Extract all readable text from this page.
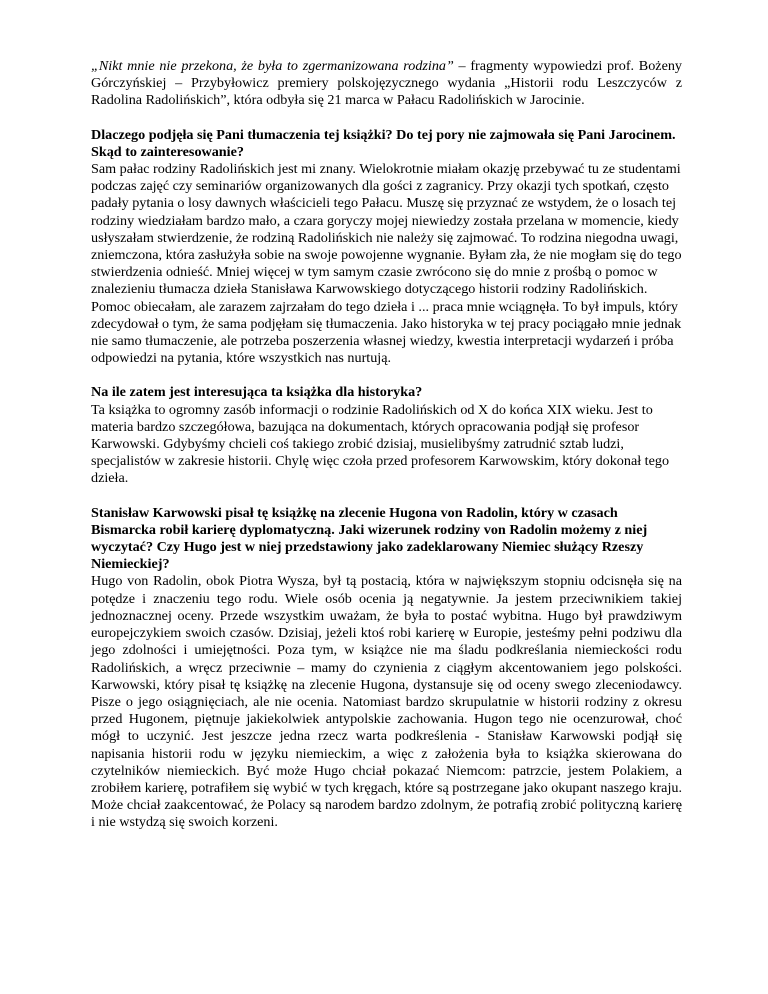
„Nikt mnie nie przekona, że była to zgermanizowana rodzina” – fragmenty wypowiedzi prof. Bożeny Górczyńskiej – Przybyłowicz premiery polskojęzycznego wydania „Historii rodu Leszczyców z Radolina Radolińskich”, która odbyła się 21 marca w Pałacu Radolińskich w Jarocinie.

Dlaczego podjęła się Pani tłumaczenia tej książki? Do tej pory nie zajmowała się Pani Jarocinem. Skąd to zainteresowanie?
Sam pałac rodziny Radolińskich jest mi znany. Wielokrotnie miałam okazję przebywać tu ze studentami podczas zajęć czy seminariów organizowanych dla gości z zagranicy. Przy okazji tych spotkań, często padały pytania o losy dawnych właścicieli tego Pałacu. Muszę się przyznać ze wstydem, że o losach tej rodziny wiedziałam bardzo mało, a czara goryczy mojej niewiedzy została przelana w momencie, kiedy usłyszałam stwierdzenie, że rodziną Radolińskich nie należy się zajmować. To rodzina niegodna uwagi, zniemczona, która zasłużyła sobie na swoje powojenne wygnanie. Byłam zła, że nie mogłam się do tego stwierdzenia odnieść. Mniej więcej w tym samym czasie zwrócono się do mnie z prośbą o pomoc w znalezieniu tłumacza dzieła Stanisława Karwowskiego dotyczącego historii rodziny Radolińskich. Pomoc obiecałam, ale zarazem zajrzałam do tego dzieła i ... praca mnie wciągnęła. To był impuls, który zdecydował o tym, że sama podjęłam się tłumaczenia. Jako historyka w tej pracy pociągało mnie jednak nie samo tłumaczenie, ale potrzeba poszerzenia własnej wiedzy, kwestia interpretacji wydarzeń i próba odpowiedzi na pytania, które wszystkich nas nurtują.

Na ile zatem jest interesująca ta książka dla historyka?
Ta książka to ogromny zasób informacji o rodzinie Radolińskich od X do końca XIX wieku. Jest to materia bardzo szczegółowa, bazująca na dokumentach, których opracowania podjął się profesor Karwowski. Gdybyśmy chcieli coś takiego zrobić dzisiaj, musielibyśmy zatrudnić sztab ludzi, specjalistów w zakresie historii. Chylę więc czoła przed profesorem Karwowskim, który dokonał tego dzieła.

Stanisław Karwowski pisał tę książkę na zlecenie Hugona von Radolin, który w czasach Bismarcka robił karierę dyplomatyczną. Jaki wizerunek rodziny von Radolin możemy z niej wyczytać? Czy Hugo jest w niej przedstawiony jako zadeklarowany Niemiec służący Rzeszy Niemieckiej?
Hugo von Radolin, obok Piotra Wysza, był tą postacią, która w największym stopniu odcisnęła się na potędze i znaczeniu tego rodu. Wiele osób ocenia ją negatywnie. Ja jestem przeciwnikiem takiej jednoznacznej oceny. Przede wszystkim uważam, że była to postać wybitna. Hugo był prawdziwym europejczykiem swoich czasów. Dzisiaj, jeżeli ktoś robi karierę w Europie, jesteśmy pełni podziwu dla jego zdolności i umiejętności. Poza tym, w książce nie ma śladu podkreślania niemieckości rodu Radolińskich, a wręcz przeciwnie – mamy do czynienia z ciągłym akcentowaniem jego polskości. Karwowski, który pisał tę książkę na zlecenie Hugona, dystansuje się od oceny swego zleceniodawcy. Pisze o jego osiągnięciach, ale nie ocenia. Natomiast bardzo skrupulatnie w historii rodziny z okresu przed Hugonem, piętnuje jakiekolwiek antypolskie zachowania. Hugon tego nie ocenzurował, choć mógł to uczynić. Jest jeszcze jedna rzecz warta podkreślenia - Stanisław Karwowski podjął się napisania historii rodu w języku niemieckim, a więc z założenia była to książka skierowana do czytelników niemieckich. Być może Hugo chciał pokazać Niemcom: patrzcie, jestem Polakiem, a zrobiłem karierę, potrafiłem się wybić w tych kręgach, które są postrzegane jako okupant naszego kraju. Może chciał zaakcentować, że Polacy są narodem bardzo zdolnym, że potrafią zrobić polityczną karierę i nie wstydzą się swoich korzeni.
